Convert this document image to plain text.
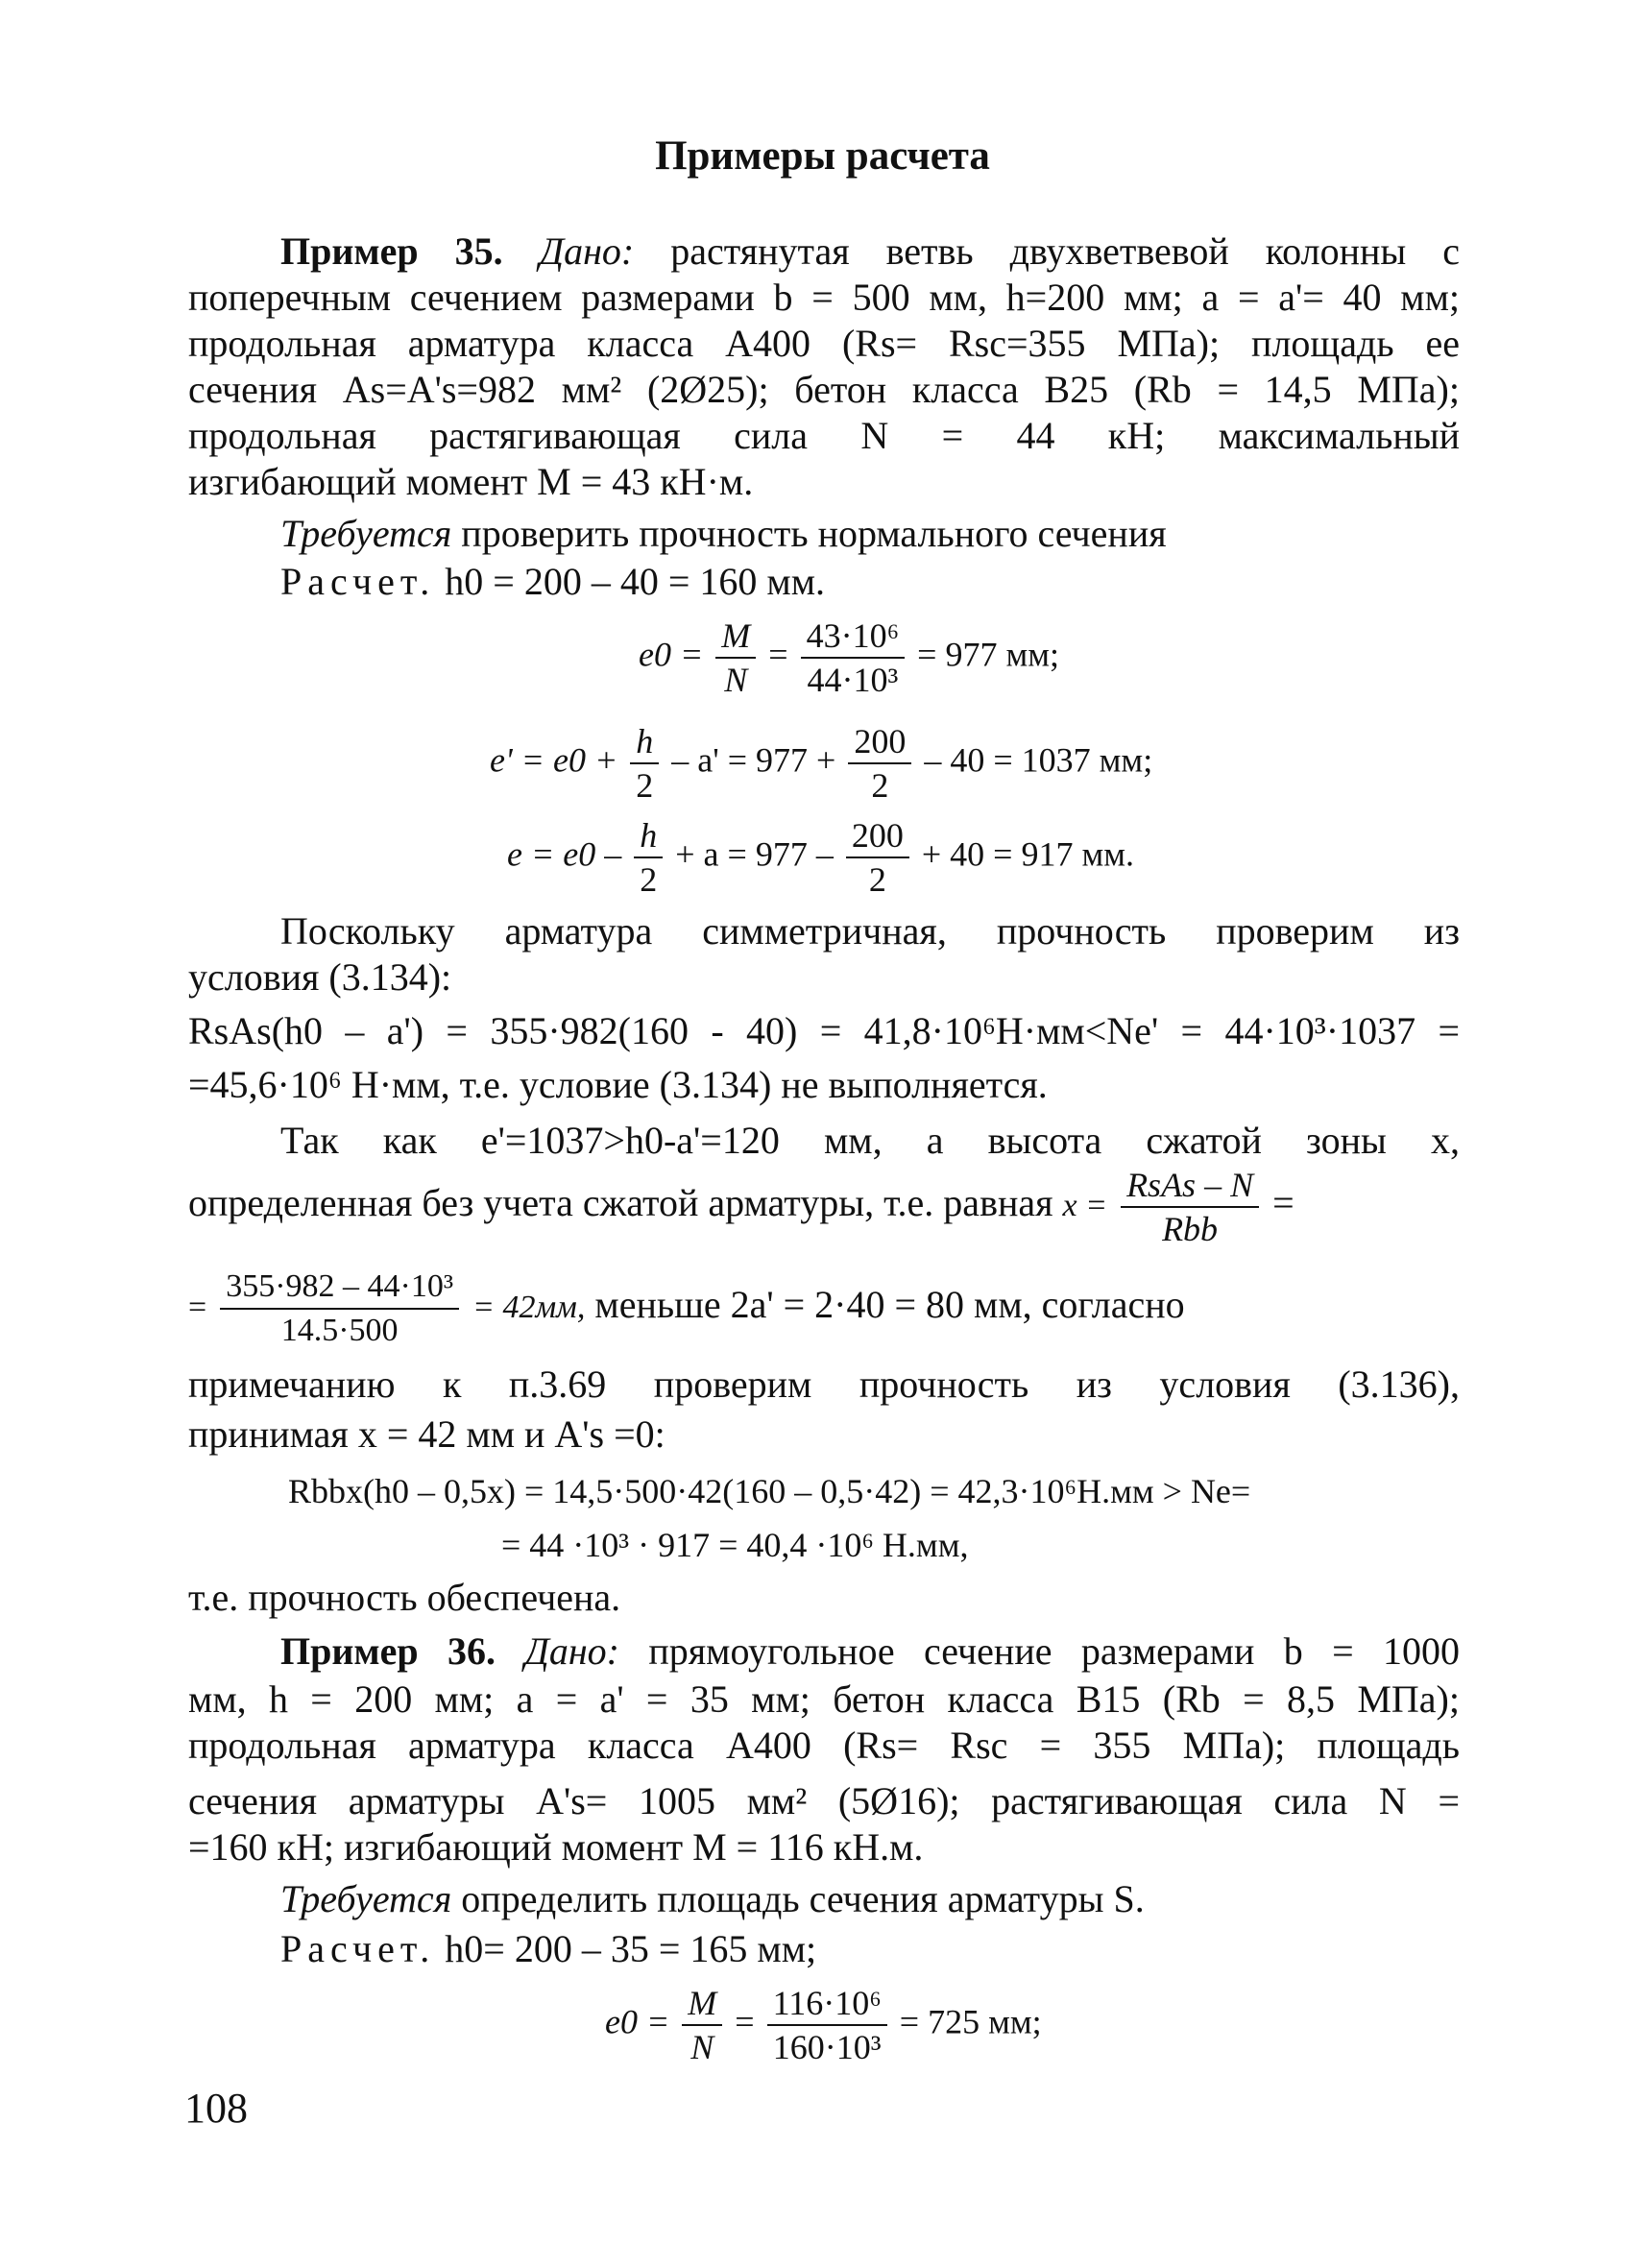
Примеры расчета
Пример 35. Дано: растянутая ветвь двухветвевой колонны с
поперечным сечением размерами b = 500 мм, h=200 мм; a = a'= 40 мм;
продольная арматура класса А400 (Rs= Rsc=355 МПа); площадь ее
сечения As=A's=982 мм² (2Ø25); бетон класса В25 (Rb = 14,5 МПа);
продольная растягивающая сила N = 44 кН; максимальный
изгибающий момент M = 43 кН·м.
Требуется проверить прочность нормального сечения
Расчет. h0 = 200 – 40 = 160 мм.
$e0 = \frac{M}{N} = \frac{\text{43·10⁶}}{\text{44·10³}} = 977$ мм;
$e' = e0 + \frac{h}{2} - a' = 977 + \frac{200}{2} - 40 = 1037$ мм;
$e = e0 - \frac{h}{2} + a = 977 - \frac{200}{2} + 40 = 917$ мм.
Поскольку арматура симметричная, прочность проверим из
условия (3.134):
RsAs(h0 – a') = 355·982(160 - 40) = 41,8·10⁶Н·мм<Ne' = 44·10³·1037 =
=45,6·10⁶ Н·мм, т.е. условие (3.134) не выполняется.
Так как e'=1037>h0-a'=120 мм, а высота сжатой зоны x,
определенная без учета сжатой арматуры, т.е. равная $x = \frac{\text{RsAs – N}}{\text{Rbb}}$ =
= $\frac{\text{355·982 – 44·10³}}{14.5\cdot 500} = 42мм$, меньше 2a' = 2·40 = 80 мм, согласно
примечанию к п.3.69 проверим прочность из условия (3.136),
принимая x = 42 мм и A's =0:
Rbbx(h0 – 0,5x) = 14,5·500·42(160 – 0,5·42) = 42,3·10⁶Н.мм > Ne=
= 44 ·10³ · 917 = 40,4 ·10⁶ Н.мм,
т.е. прочность обеспечена.
Пример 36. Дано: прямоугольное сечение размерами b = 1000
мм, h = 200 мм; a = a' = 35 мм; бетон класса В15 (Rb = 8,5 МПа);
продольная арматура класса А400 (Rs= Rsc = 355 МПа); площадь
сечения арматуры A's= 1005 мм² (5Ø16); растягивающая сила N =
=160 кН; изгибающий момент M = 116 кН.м.
Требуется определить площадь сечения арматуры S.
Расчет. h0= 200 – 35 = 165 мм;
$e0 = \frac{M}{N} = \frac{\text{116·10⁶}}{\text{160·10³}} = 725$ мм;
108
